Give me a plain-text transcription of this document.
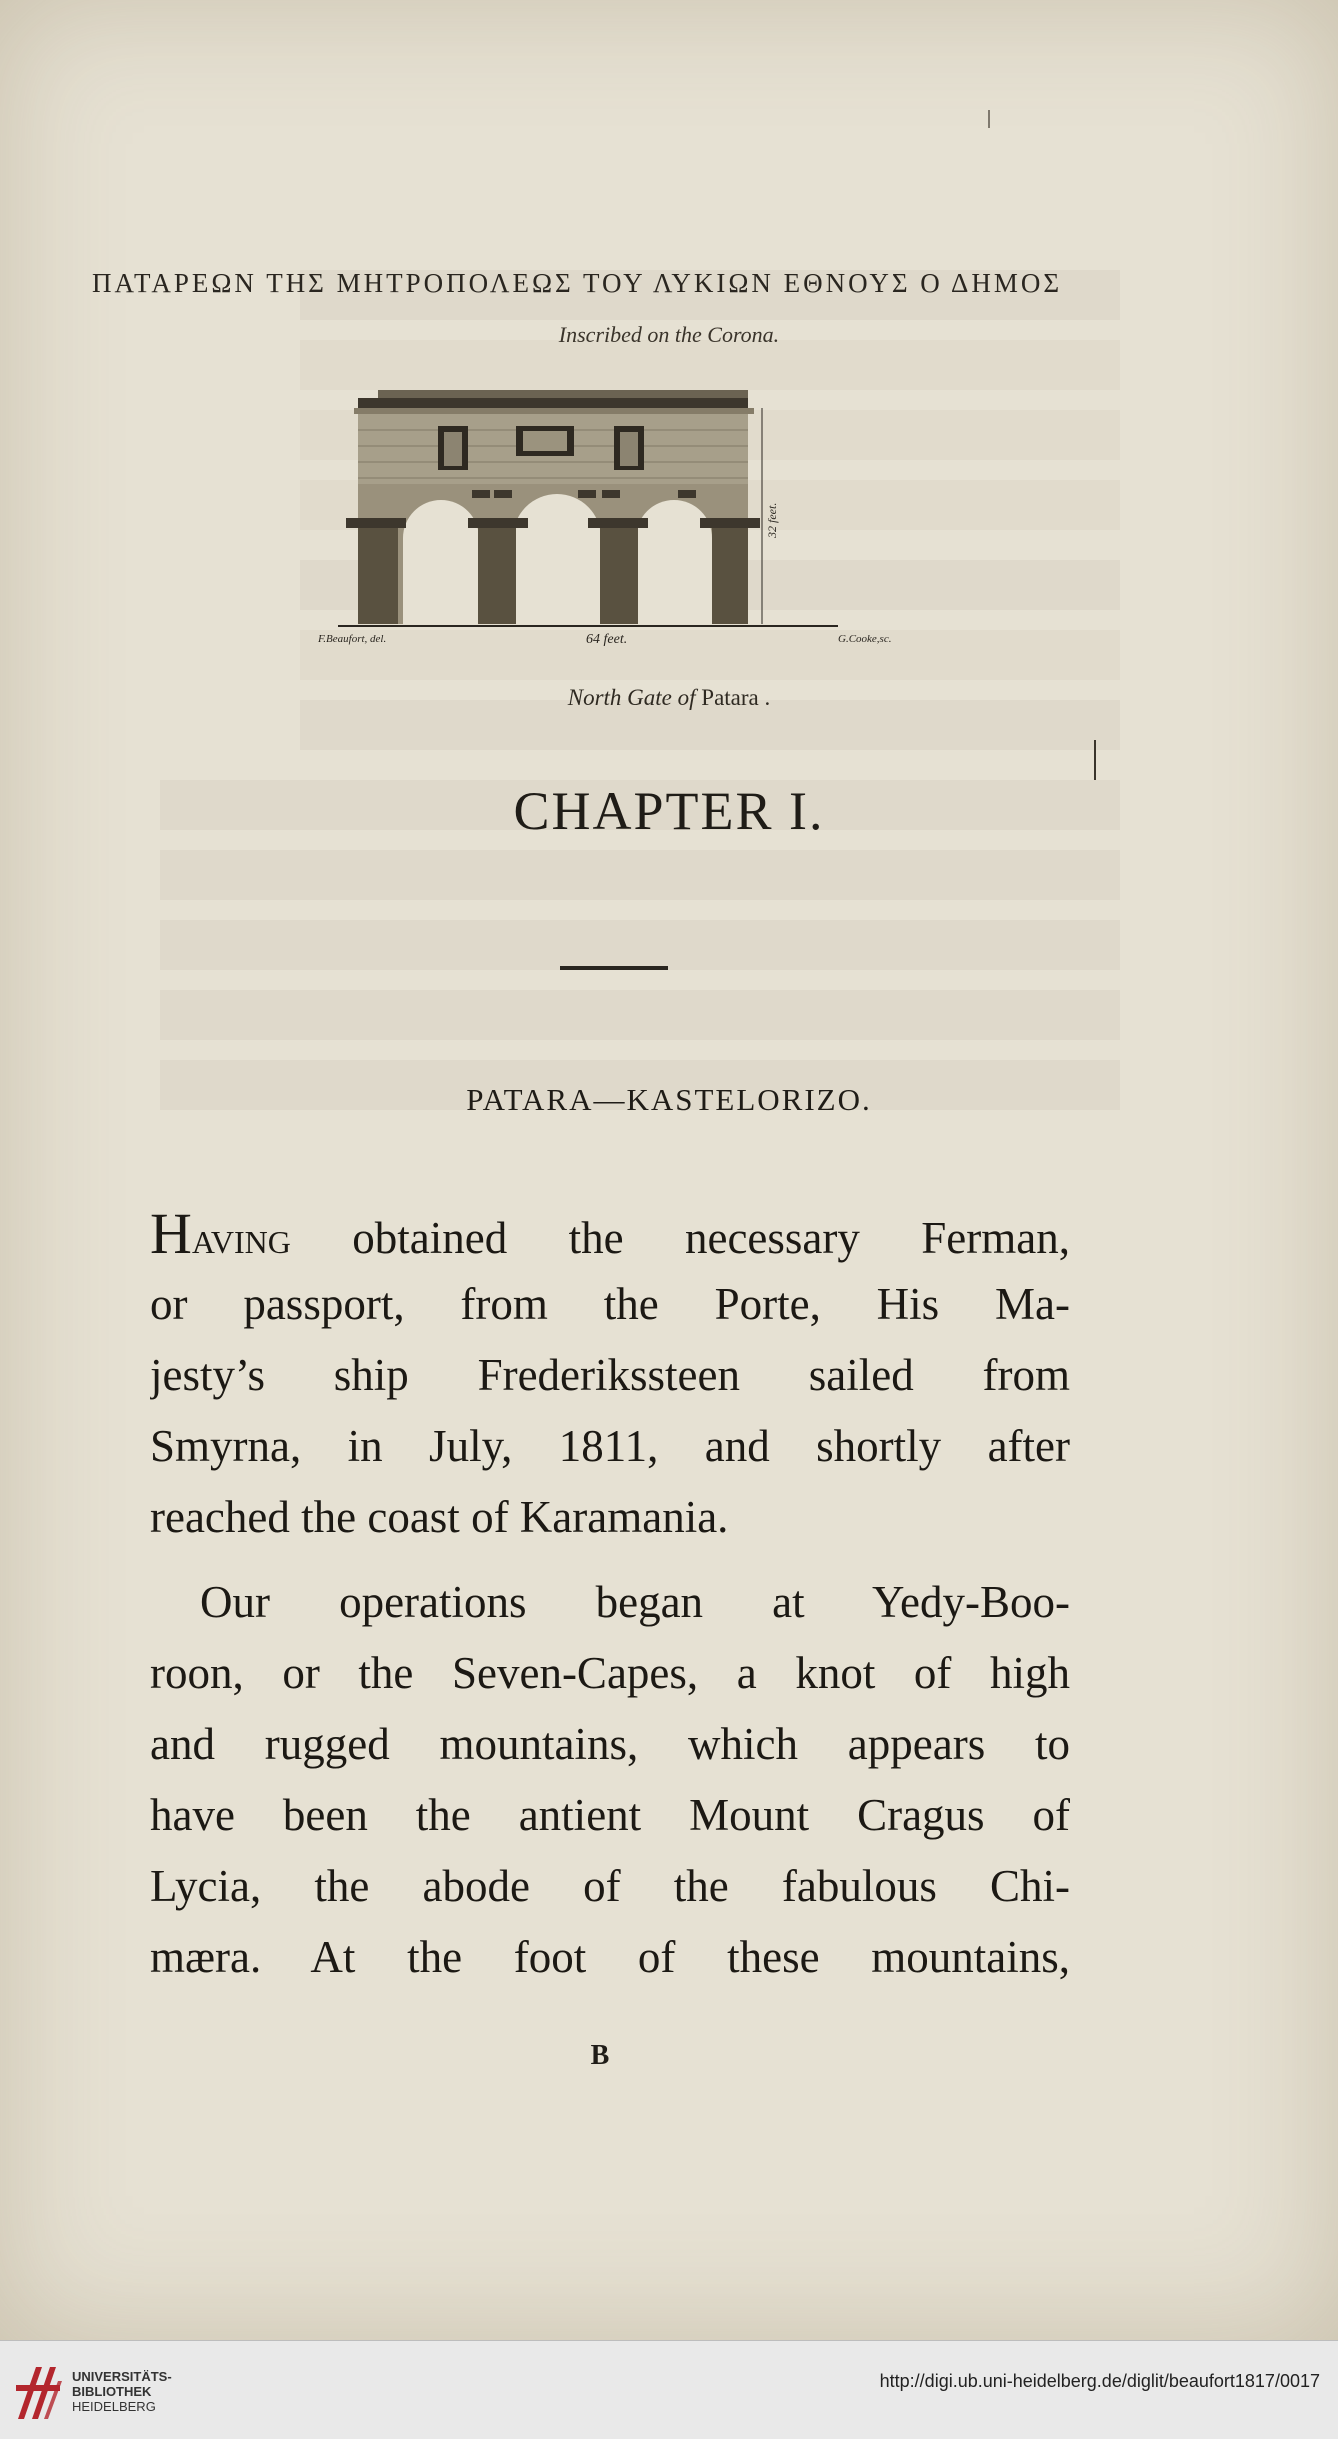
ΠΑΤΑΡΕΩΝ ΤΗΣ ΜΗΤΡΟΠΟΛΕΩΣ ΤΟΥ ΛΥΚΙΩΝ ΕΘΝΟΥΣ Ο ΔΗΜΟΣ
Inscribed on the Corona.
32 feet.
F.Beaufort, del.	64 feet.	G.Cooke,sc.
North Gate of Patara .
CHAPTER I.
PATARA—KASTELORIZO.
Having obtained the necessary Ferman,
or passport, from the Porte, His Ma-
jesty’s ship Frederikssteen sailed from
Smyrna, in July, 1811, and shortly after
reached the coast of Karamania.
Our operations began at Yedy-Boo-
roon, or the Seven-Capes, a knot of high
and rugged mountains, which appears to
have been the antient Mount Cragus of
Lycia, the abode of the fabulous Chi-
mæra. At the foot of these mountains,
B
UNIVERSITÄTS-
BIBLIOTHEK
HEIDELBERG
http://digi.ub.uni-heidelberg.de/diglit/beaufort1817/0017
